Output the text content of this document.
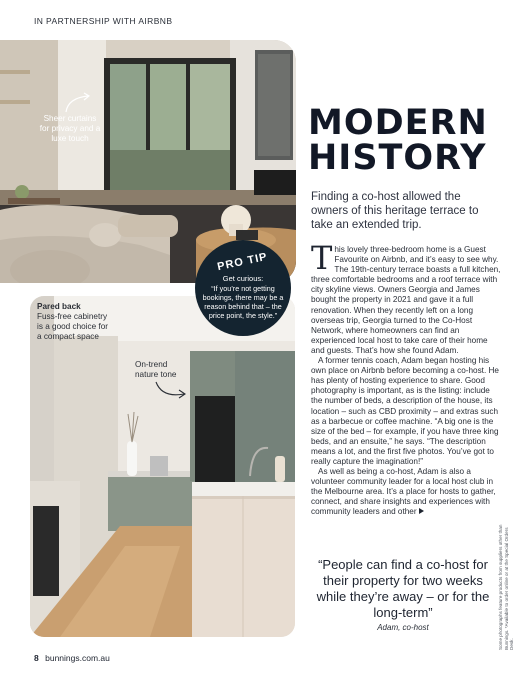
IN PARTNERSHIP WITH AIRBNB
Sheer curtains for privacy and a luxe touch
PRO TIP
Get curious:
“If you’re not getting bookings, there may be a reason behind that – the price point, the style.”
Pared back
Fuss-free cabinetry is a good choice for a compact space
On-trend nature tone
MODERN
HISTORY
Finding a co-host allowed the owners of this heritage terrace to take an extended trip.

This lovely three-bedroom home is a Guest Favourite on Airbnb, and it’s easy to see why. The 19th-century terrace boasts a full kitchen, three comfortable bedrooms and a roof terrace with city skyline views. Owners Georgia and James bought the property in 2021 and gave it a full renovation. When they recently left on a long overseas trip, Georgia turned to the Co-Host Network, where homeowners can find an experienced local host to take care of their home and guests. That’s how she found Adam.

A former tennis coach, Adam began hosting his own place on Airbnb before becoming a co-host. He has plenty of hosting experience to share. Good photography is important, as is the listing: include the number of beds, a description of the house, its location – such as CBD proximity – and extras such as a barbecue or coffee machine. “A big one is the size of the bed – for example, if you have three king beds, and an ensuite,” he says. “The description means a lot, and the first five photos. You’ve got to really capture the imagination!”

As well as being a co-host, Adam is also a volunteer community leader for a local host club in the Melbourne area. It’s a place for hosts to gather, connect, and share insights and experiences with community leaders and other

“People can find a co-host for their property for two weeks while they’re away – or for the long-term”
Adam, co-host	Some photographs feature products from suppliers other than Bunnings. *Available to order online or at the Special Orders Desk.
8 bunnings.com.au
